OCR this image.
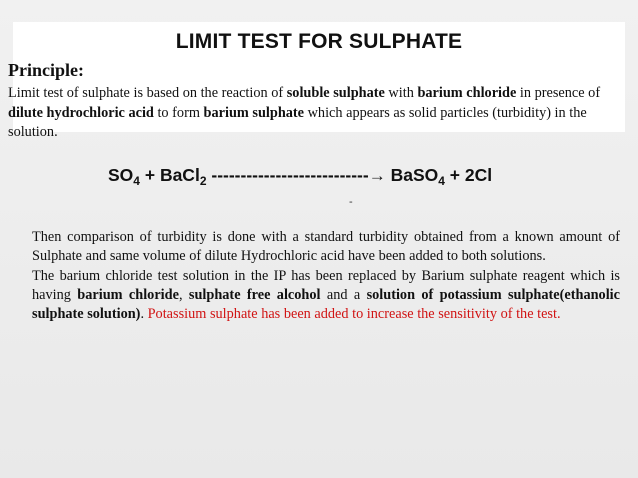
LIMIT TEST FOR SULPHATE
Principle:

Limit test of sulphate is based on the reaction of soluble sulphate with barium chloride in presence of dilute hydrochloric acid to form barium sulphate which appears as solid particles (turbidity) in the solution.

$SO_4$ + BaCl$_2$ ---------------------------→ BaSO$_4$ + 2Cl
-

Then comparison of turbidity is done with a standard turbidity obtained from a known amount of Sulphate and same volume of dilute Hydrochloric acid have been added to both solutions.

The barium chloride test solution in the IP has been replaced by Barium sulphate reagent which is having barium chloride, sulphate free alcohol and a solution of potassium sulphate(ethanolic sulphate solution). Potassium sulphate has been added to increase the sensitivity of the test.
